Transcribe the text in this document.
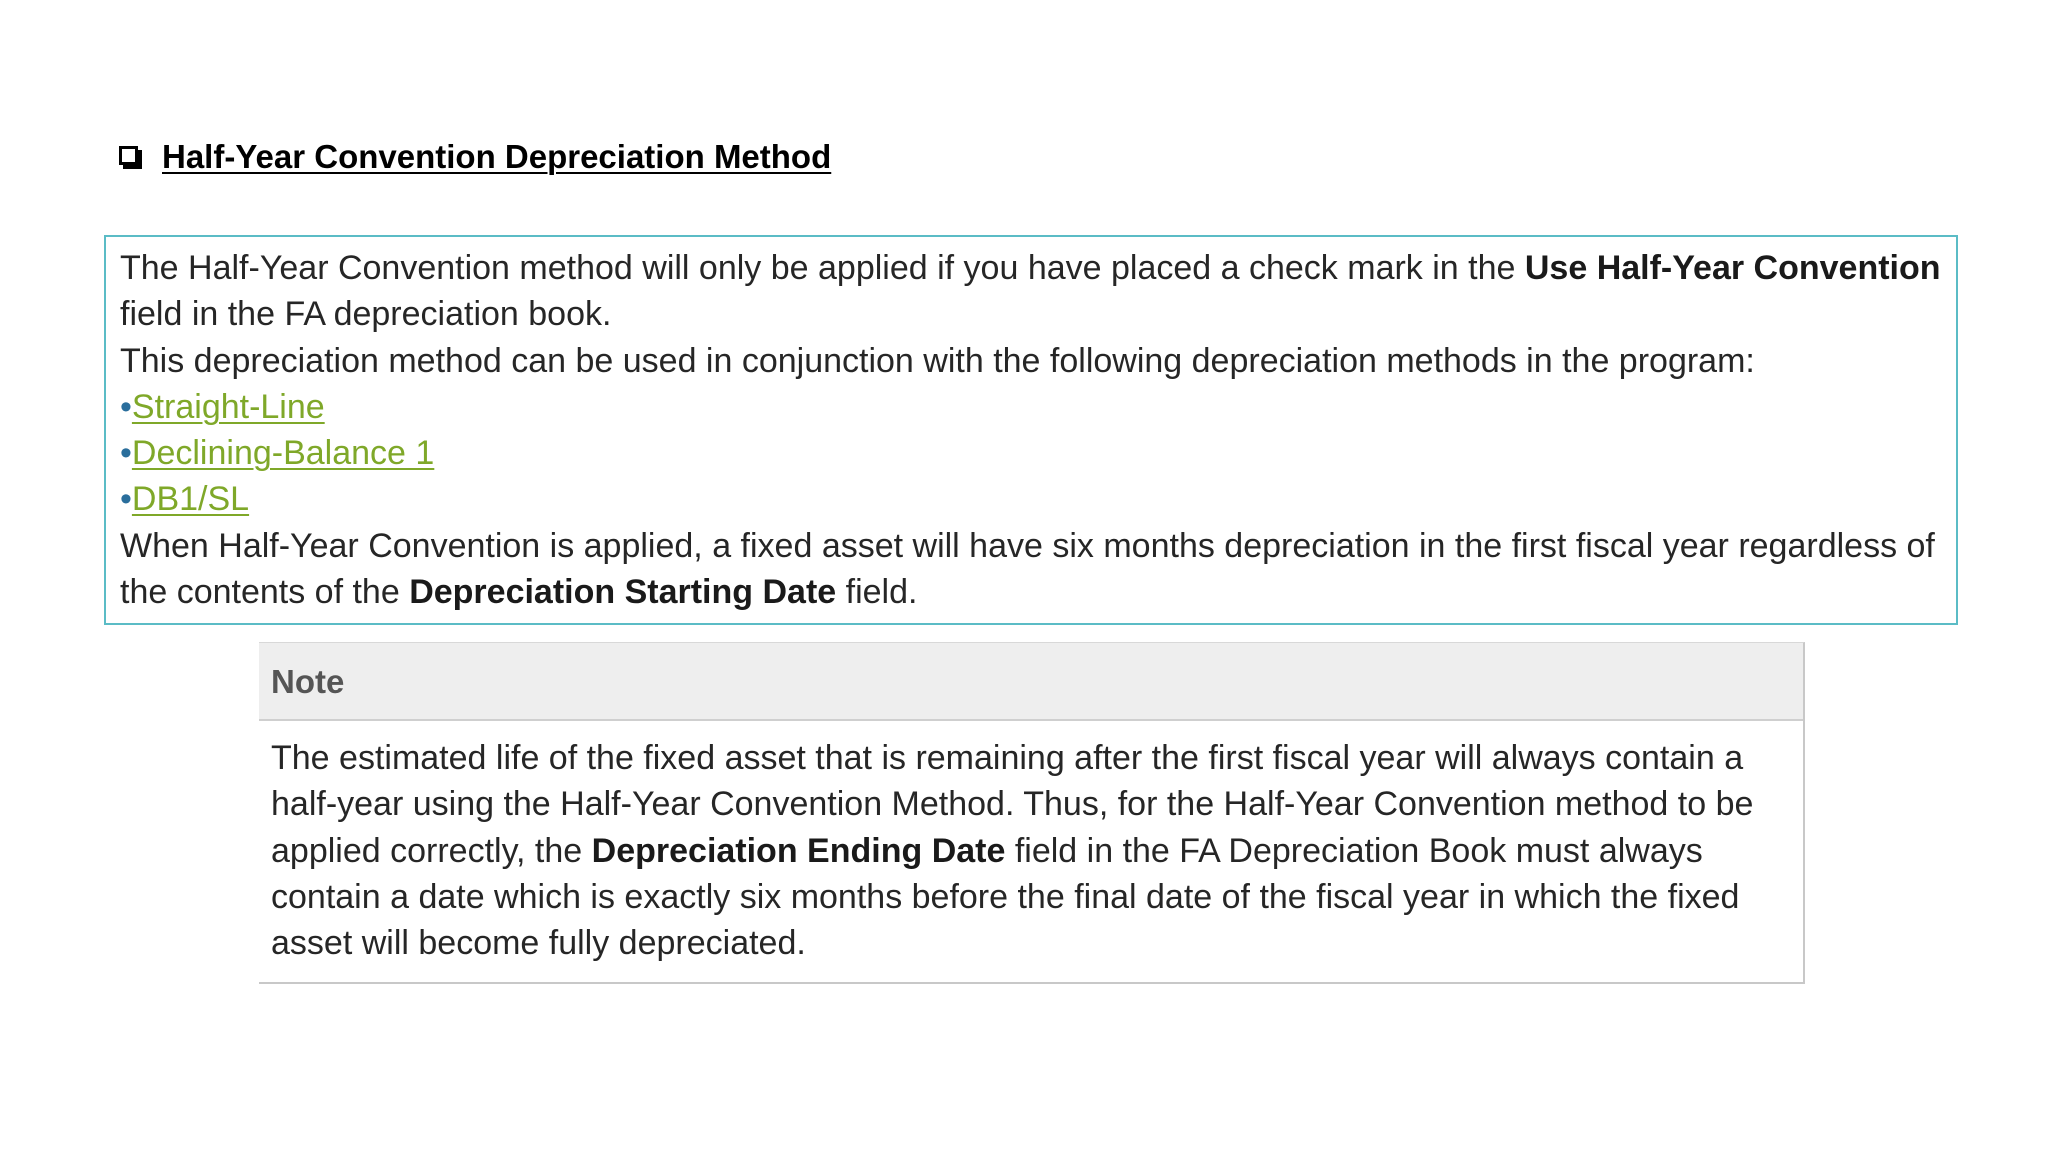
Half-Year Convention Depreciation Method

The Half-Year Convention method will only be applied if you have placed a check mark in the Use Half-Year Convention field in the FA depreciation book.

This depreciation method can be used in conjunction with the following depreciation methods in the program:

•Straight-Line

•Declining-Balance 1

•DB1/SL

When Half-Year Convention is applied, a fixed asset will have six months depreciation in the first fiscal year regardless of the contents of the Depreciation Starting Date field.

Note
The estimated life of the fixed asset that is remaining after the first fiscal year will always contain a half-year using the Half-Year Convention Method. Thus, for the Half-Year Convention method to be applied correctly, the Depreciation Ending Date field in the FA Depreciation Book must always contain a date which is exactly six months before the final date of the fiscal year in which the fixed asset will become fully depreciated.
